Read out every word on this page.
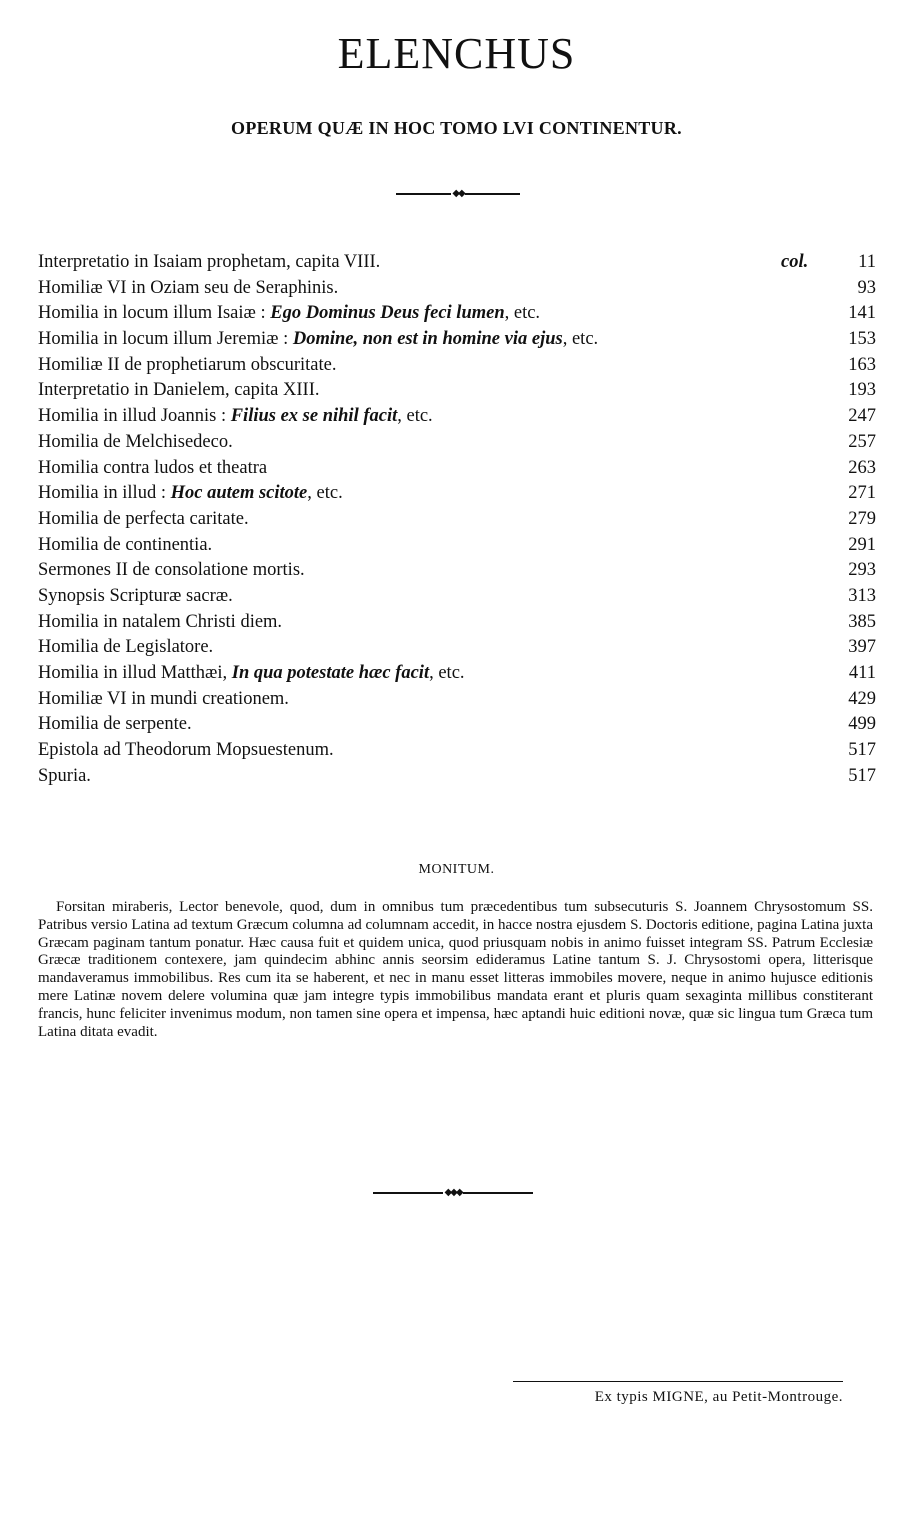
ELENCHUS
OPERUM QUÆ IN HOC TOMO LVI CONTINENTUR.
◆◆
Interpretatio in Isaiam prophetam, capita VIII.	col.	11
Homiliæ VI in Oziam seu de Seraphinis.	93
Homilia in locum illum Isaiæ : Ego Dominus Deus feci lumen, etc.	141
Homilia in locum illum Jeremiæ : Domine, non est in homine via ejus, etc.	153
Homiliæ II de prophetiarum obscuritate.	163
Interpretatio in Danielem, capita XIII.	193
Homilia in illud Joannis : Filius ex se nihil facit, etc.	247
Homilia de Melchisedeco.	257
Homilia contra ludos et theatra	263
Homilia in illud : Hoc autem scitote, etc.	271
Homilia de perfecta caritate.	279
Homilia de continentia.	291
Sermones II de consolatione mortis.	293
Synopsis Scripturæ sacræ.	313
Homilia in natalem Christi diem.	385
Homilia de Legislatore.	397
Homilia in illud Matthæi, In qua potestate hæc facit, etc.	411
Homiliæ VI in mundi creationem.	429
Homilia de serpente.	499
Epistola ad Theodorum Mopsuestenum.	517
Spuria.	517
MONITUM.
Forsitan miraberis, Lector benevole, quod, dum in omnibus tum præcedentibus tum subsecuturis S. Joannem Chrysostomum SS. Patribus versio Latina ad textum Græcum columna ad columnam accedit, in hacce nostra ejusdem S. Doctoris editione, pagina Latina juxta Græcam paginam tantum ponatur. Hæc causa fuit et quidem unica, quod priusquam nobis in animo fuisset integram SS. Patrum Ecclesiæ Græcæ traditionem contexere, jam quindecim abhinc annis seorsim edideramus Latine tantum S. J. Chrysostomi opera, litterisque mandaveramus immobilibus. Res cum ita se haberent, et nec in manu esset litteras immobiles movere, neque in animo hujusce editionis mere Latinæ novem delere volumina quæ jam integre typis immobilibus mandata erant et pluris quam sexaginta millibus constiterant francis, hunc feliciter invenimus modum, non tamen sine opera et impensa, hæc aptandi huic editioni novæ, quæ sic lingua tum Græca tum Latina ditata evadit.
◆◆◆
Ex typis MIGNE, au Petit-Montrouge.
